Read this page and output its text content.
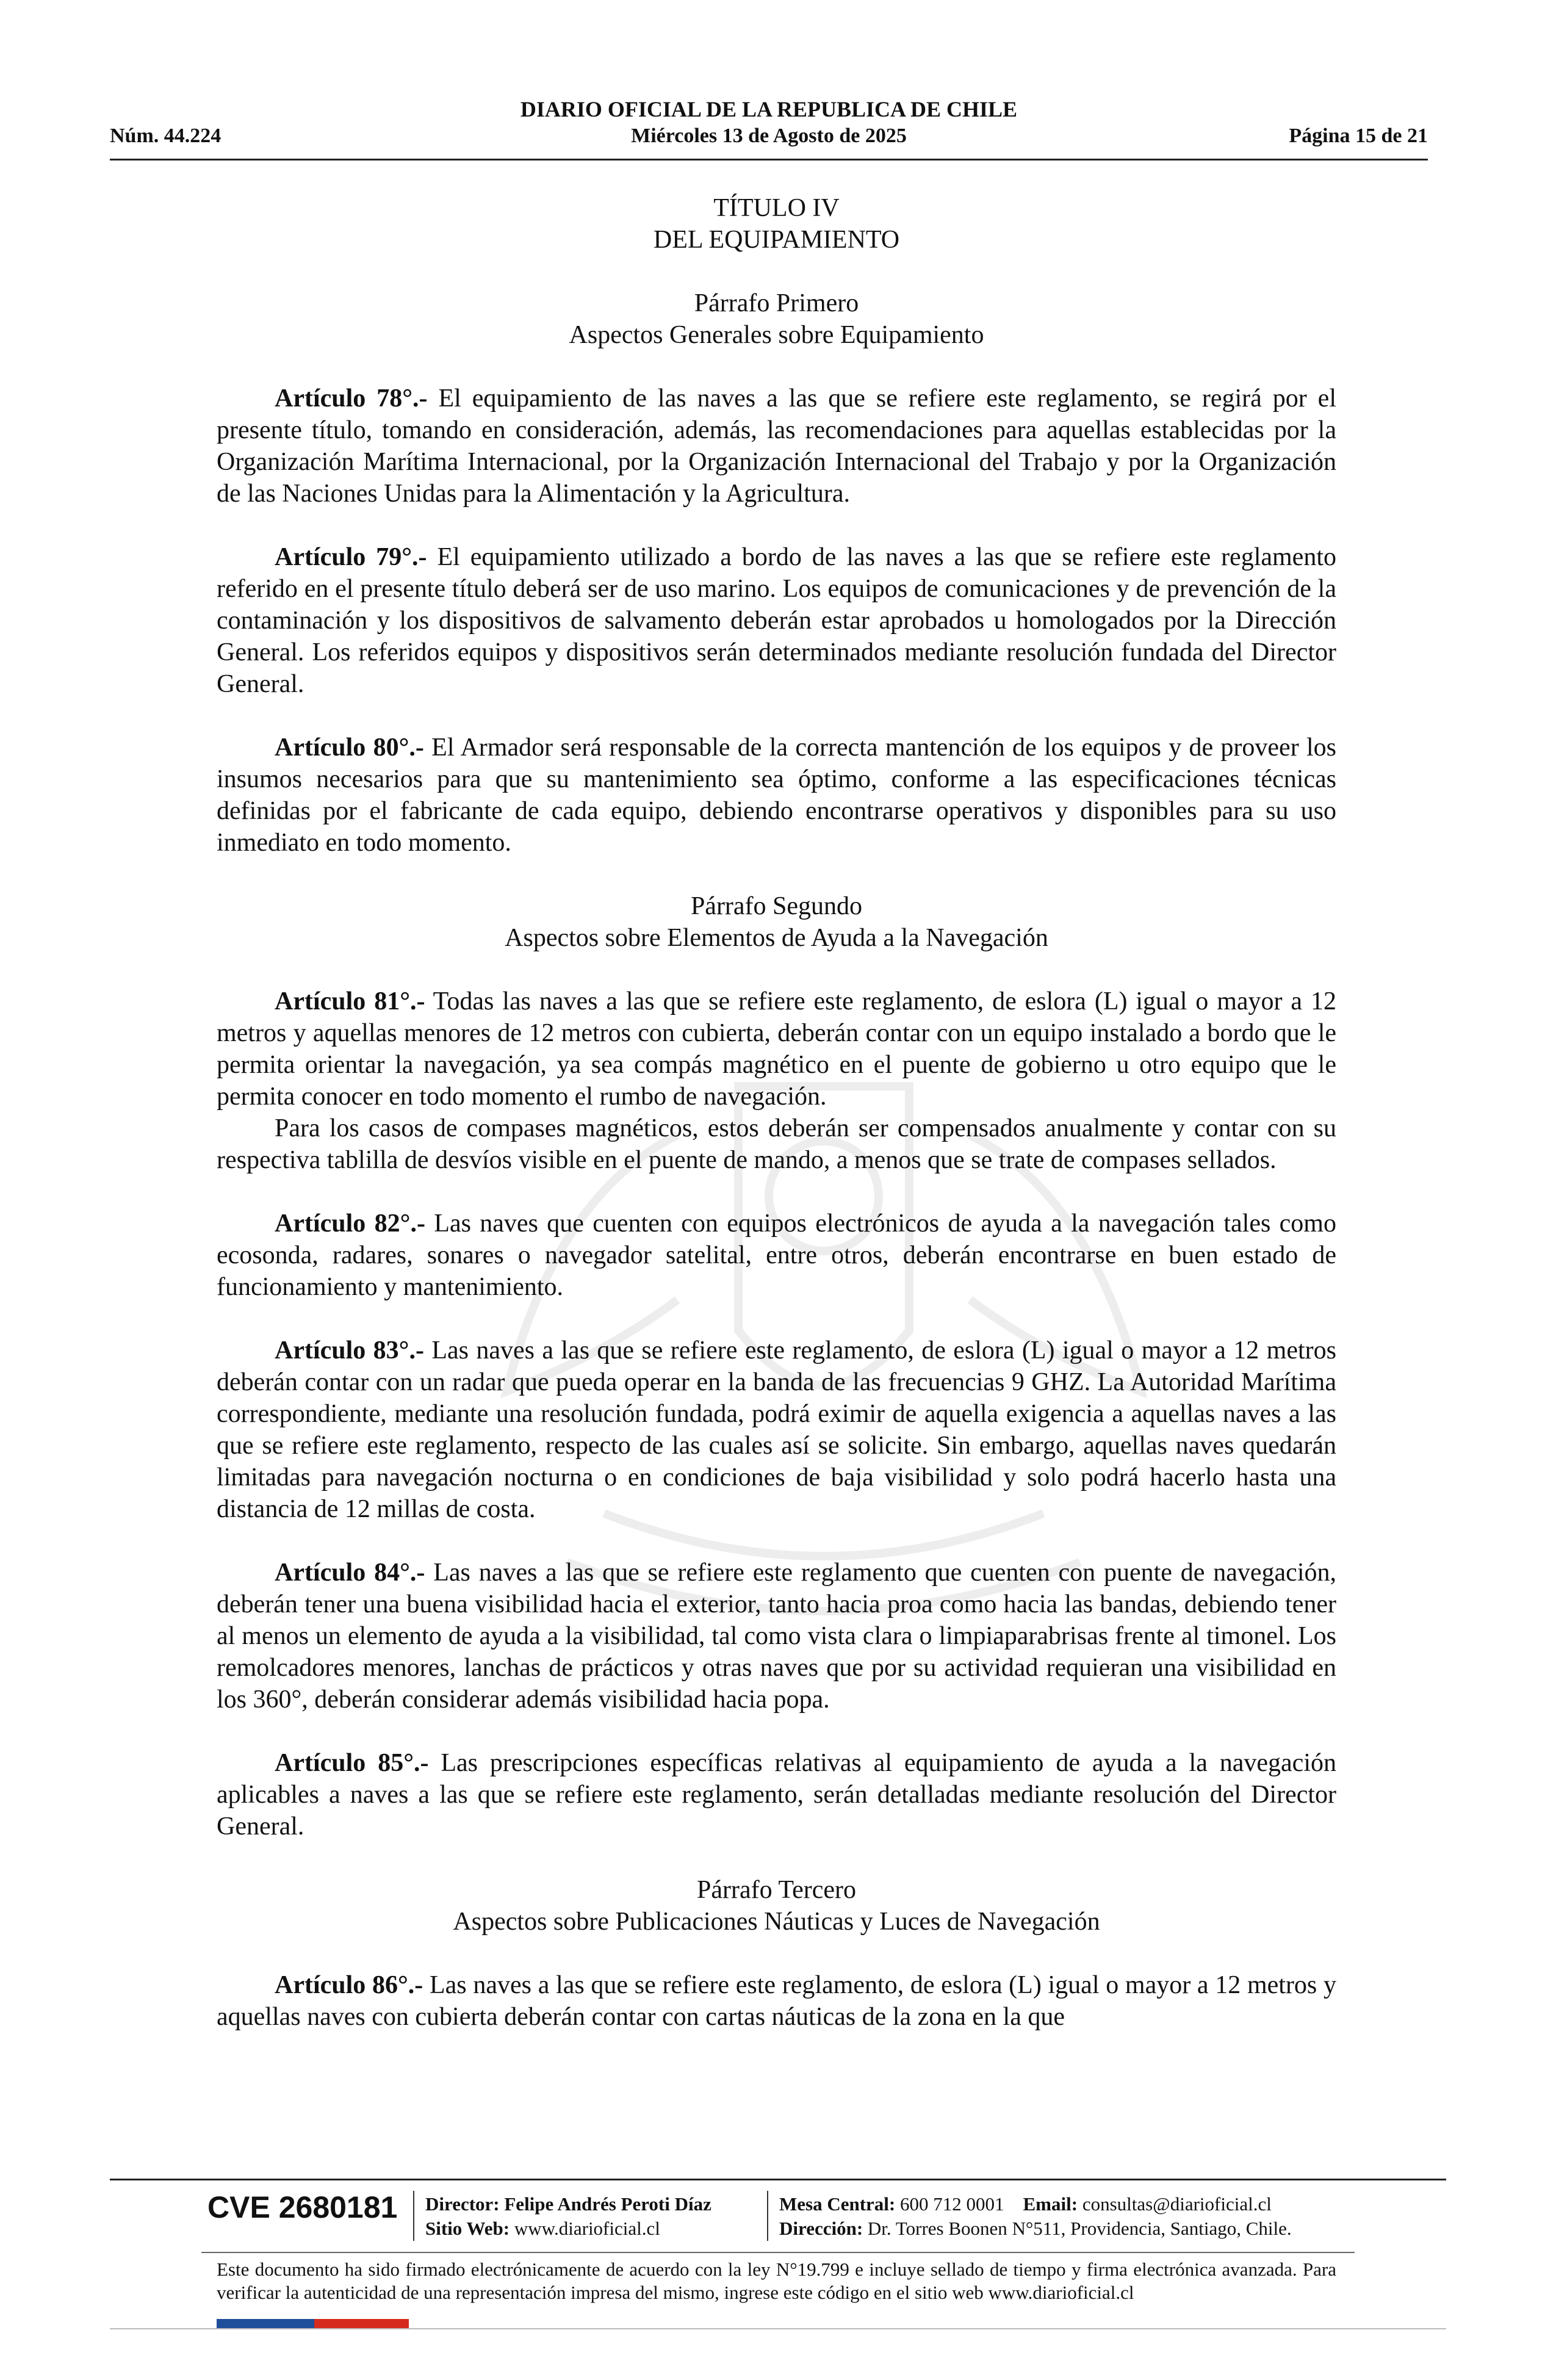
DIARIO OFICIAL DE LA REPUBLICA DE CHILE
Núm. 44.224	Miércoles 13 de Agosto de 2025	Página 15 de 21

TÍTULO IV

DEL EQUIPAMIENTO

Párrafo Primero

Aspectos Generales sobre Equipamiento

Artículo 78°.- El equipamiento de las naves a las que se refiere este reglamento, se regirá por el presente título, tomando en consideración, además, las recomendaciones para aquellas establecidas por la Organización Marítima Internacional, por la Organización Internacional del Trabajo y por la Organización de las Naciones Unidas para la Alimentación y la Agricultura.

Artículo 79°.- El equipamiento utilizado a bordo de las naves a las que se refiere este reglamento referido en el presente título deberá ser de uso marino. Los equipos de comunicaciones y de prevención de la contaminación y los dispositivos de salvamento deberán estar aprobados u homologados por la Dirección General. Los referidos equipos y dispositivos serán determinados mediante resolución fundada del Director General.

Artículo 80°.- El Armador será responsable de la correcta mantención de los equipos y de proveer los insumos necesarios para que su mantenimiento sea óptimo, conforme a las especificaciones técnicas definidas por el fabricante de cada equipo, debiendo encontrarse operativos y disponibles para su uso inmediato en todo momento.

Párrafo Segundo

Aspectos sobre Elementos de Ayuda a la Navegación

Artículo 81°.- Todas las naves a las que se refiere este reglamento, de eslora (L) igual o mayor a 12 metros y aquellas menores de 12 metros con cubierta, deberán contar con un equipo instalado a bordo que le permita orientar la navegación, ya sea compás magnético en el puente de gobierno u otro equipo que le permita conocer en todo momento el rumbo de navegación.

Para los casos de compases magnéticos, estos deberán ser compensados anualmente y contar con su respectiva tablilla de desvíos visible en el puente de mando, a menos que se trate de compases sellados.

Artículo 82°.- Las naves que cuenten con equipos electrónicos de ayuda a la navegación tales como ecosonda, radares, sonares o navegador satelital, entre otros, deberán encontrarse en buen estado de funcionamiento y mantenimiento.

Artículo 83°.- Las naves a las que se refiere este reglamento, de eslora (L) igual o mayor a 12 metros deberán contar con un radar que pueda operar en la banda de las frecuencias 9 GHZ. La Autoridad Marítima correspondiente, mediante una resolución fundada, podrá eximir de aquella exigencia a aquellas naves a las que se refiere este reglamento, respecto de las cuales así se solicite. Sin embargo, aquellas naves quedarán limitadas para navegación nocturna o en condiciones de baja visibilidad y solo podrá hacerlo hasta una distancia de 12 millas de costa.

Artículo 84°.- Las naves a las que se refiere este reglamento que cuenten con puente de navegación, deberán tener una buena visibilidad hacia el exterior, tanto hacia proa como hacia las bandas, debiendo tener al menos un elemento de ayuda a la visibilidad, tal como vista clara o limpiaparabrisas frente al timonel. Los remolcadores menores, lanchas de prácticos y otras naves que por su actividad requieran una visibilidad en los 360°, deberán considerar además visibilidad hacia popa.

Artículo 85°.- Las prescripciones específicas relativas al equipamiento de ayuda a la navegación aplicables a naves a las que se refiere este reglamento, serán detalladas mediante resolución del Director General.

Párrafo Tercero

Aspectos sobre Publicaciones Náuticas y Luces de Navegación

Artículo 86°.- Las naves a las que se refiere este reglamento, de eslora (L) igual o mayor a 12 metros y aquellas naves con cubierta deberán contar con cartas náuticas de la zona en la que

CVE 2680181 Director: Felipe Andrés Peroti Díaz
Sitio Web: www.diarioficial.cl
Mesa Central: 600 712 0001 Email: consultas@diarioficial.cl
Dirección: Dr. Torres Boonen N°511, Providencia, Santiago, Chile.
Este documento ha sido firmado electrónicamente de acuerdo con la ley N°19.799 e incluye sellado de tiempo y firma electrónica avanzada. Para verificar la autenticidad de una representación impresa del mismo, ingrese este código en el sitio web www.diarioficial.cl
